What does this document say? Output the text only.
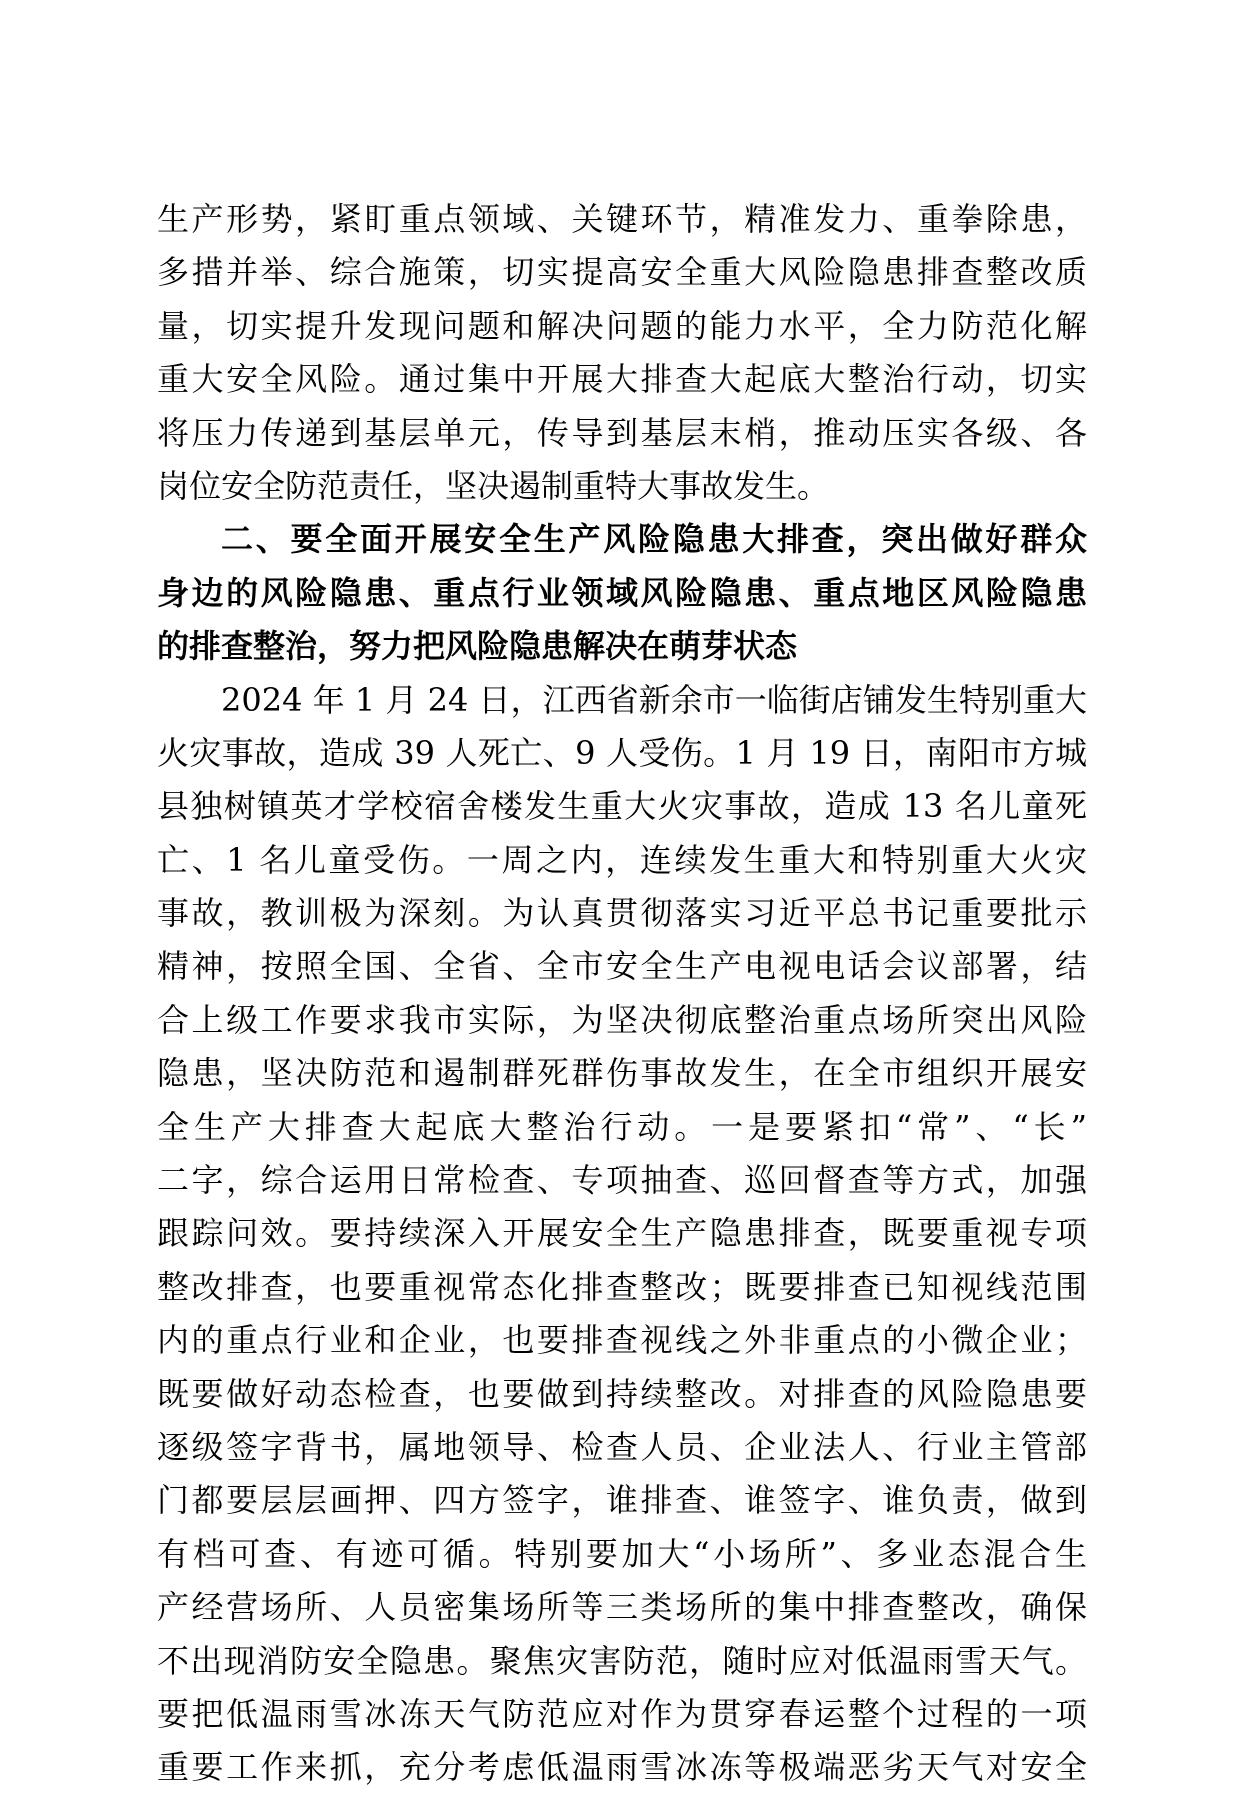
生产形势，紧盯重点领域、关键环节，精准发力、重拳除患，
多措并举、综合施策，切实提高安全重大风险隐患排查整改质
量，切实提升发现问题和解决问题的能力水平，全力防范化解
重大安全风险。通过集中开展大排查大起底大整治行动，切实
将压力传递到基层单元，传导到基层末梢，推动压实各级、各
岗位安全防范责任，坚决遏制重特大事故发生。
二、要全面开展安全生产风险隐患大排查，突出做好群众
身边的风险隐患、重点行业领域风险隐患、重点地区风险隐患
的排查整治，努力把风险隐患解决在萌芽状态
2024 年 1 月 24 日，江西省新余市一临街店铺发生特别重大
火灾事故，造成 39 人死亡、9 人受伤。1 月 19 日，南阳市方城
县独树镇英才学校宿舍楼发生重大火灾事故，造成 13 名儿童死
亡、1 名儿童受伤。一周之内，连续发生重大和特别重大火灾
事故，教训极为深刻。为认真贯彻落实习近平总书记重要批示
精神，按照全国、全省、全市安全生产电视电话会议部署，结
合上级工作要求我市实际，为坚决彻底整治重点场所突出风险
隐患，坚决防范和遏制群死群伤事故发生，在全市组织开展安
全生产大排查大起底大整治行动。一是要紧扣“常”、“长”
二字，综合运用日常检查、专项抽查、巡回督查等方式，加强
跟踪问效。要持续深入开展安全生产隐患排查，既要重视专项
整改排查，也要重视常态化排查整改；既要排查已知视线范围
内的重点行业和企业，也要排查视线之外非重点的小微企业；
既要做好动态检查，也要做到持续整改。对排查的风险隐患要
逐级签字背书，属地领导、检查人员、企业法人、行业主管部
门都要层层画押、四方签字，谁排查、谁签字、谁负责，做到
有档可查、有迹可循。特别要加大“小场所”、多业态混合生
产经营场所、人员密集场所等三类场所的集中排查整改，确保
不出现消防安全隐患。聚焦灾害防范，随时应对低温雨雪天气。
要把低温雨雪冰冻天气防范应对作为贯穿春运整个过程的一项
重要工作来抓，充分考虑低温雨雪冰冻等极端恶劣天气对安全
